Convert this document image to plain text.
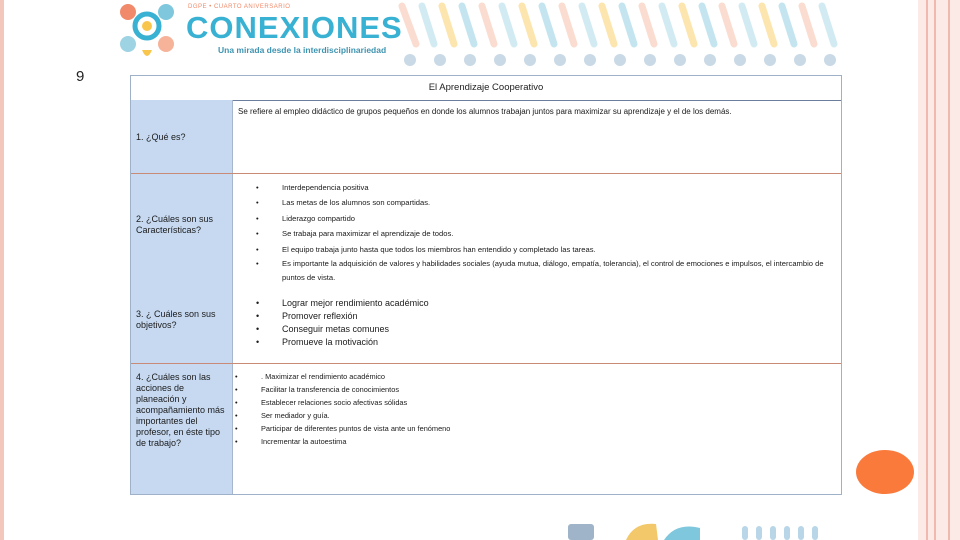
DGPE • CUARTO ANIVERSARIO
CONEXIONES
Una mirada desde la interdisciplinariedad
9
El Aprendizaje Cooperativo
1. ¿Qué es?
Se refiere al empleo didáctico de grupos pequeños en donde los alumnos trabajan juntos para maximizar su aprendizaje y el de los demás.
2. ¿Cuáles son sus Características?
• Interdependencia positiva
• Las metas de los alumnos son compartidas.
• Liderazgo compartido
• Se trabaja para maximizar el aprendizaje de todos.
• El equipo trabaja junto hasta que todos los miembros han entendido y completado las tareas.
• Es importante la adquisición de valores y habilidades sociales (ayuda mutua, diálogo, empatía, tolerancia), el control de emociones e impulsos, el intercambio de puntos de vista.
3. ¿ Cuáles son sus objetivos?
• Lograr mejor rendimiento académico
• Promover reflexión
• Conseguir metas comunes
• Promueve la motivación
4. ¿Cuáles son las acciones de planeación y acompañamiento más importantes del profesor, en éste tipo de trabajo?
• . Maximizar el rendimiento académico
• Facilitar la transferencia de conocimientos
• Establecer relaciones socio afectivas sólidas
• Ser mediador y guía.
• Participar de diferentes puntos de vista ante un fenómeno
• Incrementar la autoestima
